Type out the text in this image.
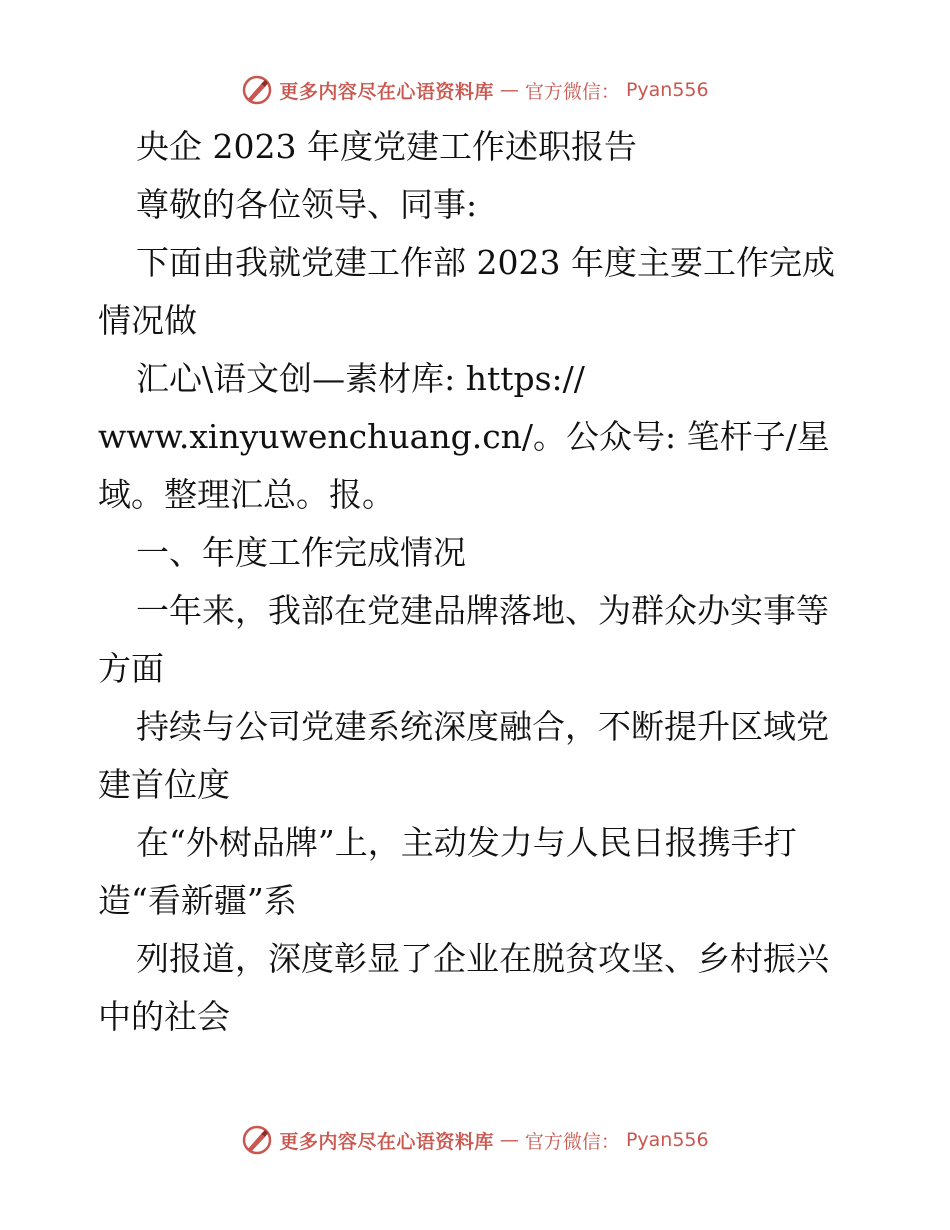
更多内容尽在心语资料库 — 官方微信： Pyan556
央企 2023 年度党建工作述职报告
尊敬的各位领导、同事:
下面由我就党建工作部 2023 年度主要工作完成
情况做
汇心\语文创—素材库: https://
www.xinyuwenchuang.cn/。公众号: 笔杆子/星
域。整理汇总。报。
一、年度工作完成情况
一年来，我部在党建品牌落地、为群众办实事等
方面
持续与公司党建系统深度融合，不断提升区域党
建首位度
在“外树品牌”上，主动发力与人民日报携手打
造“看新疆”系
列报道，深度彰显了企业在脱贫攻坚、乡村振兴
中的社会
更多内容尽在心语资料库 — 官方微信： Pyan556
